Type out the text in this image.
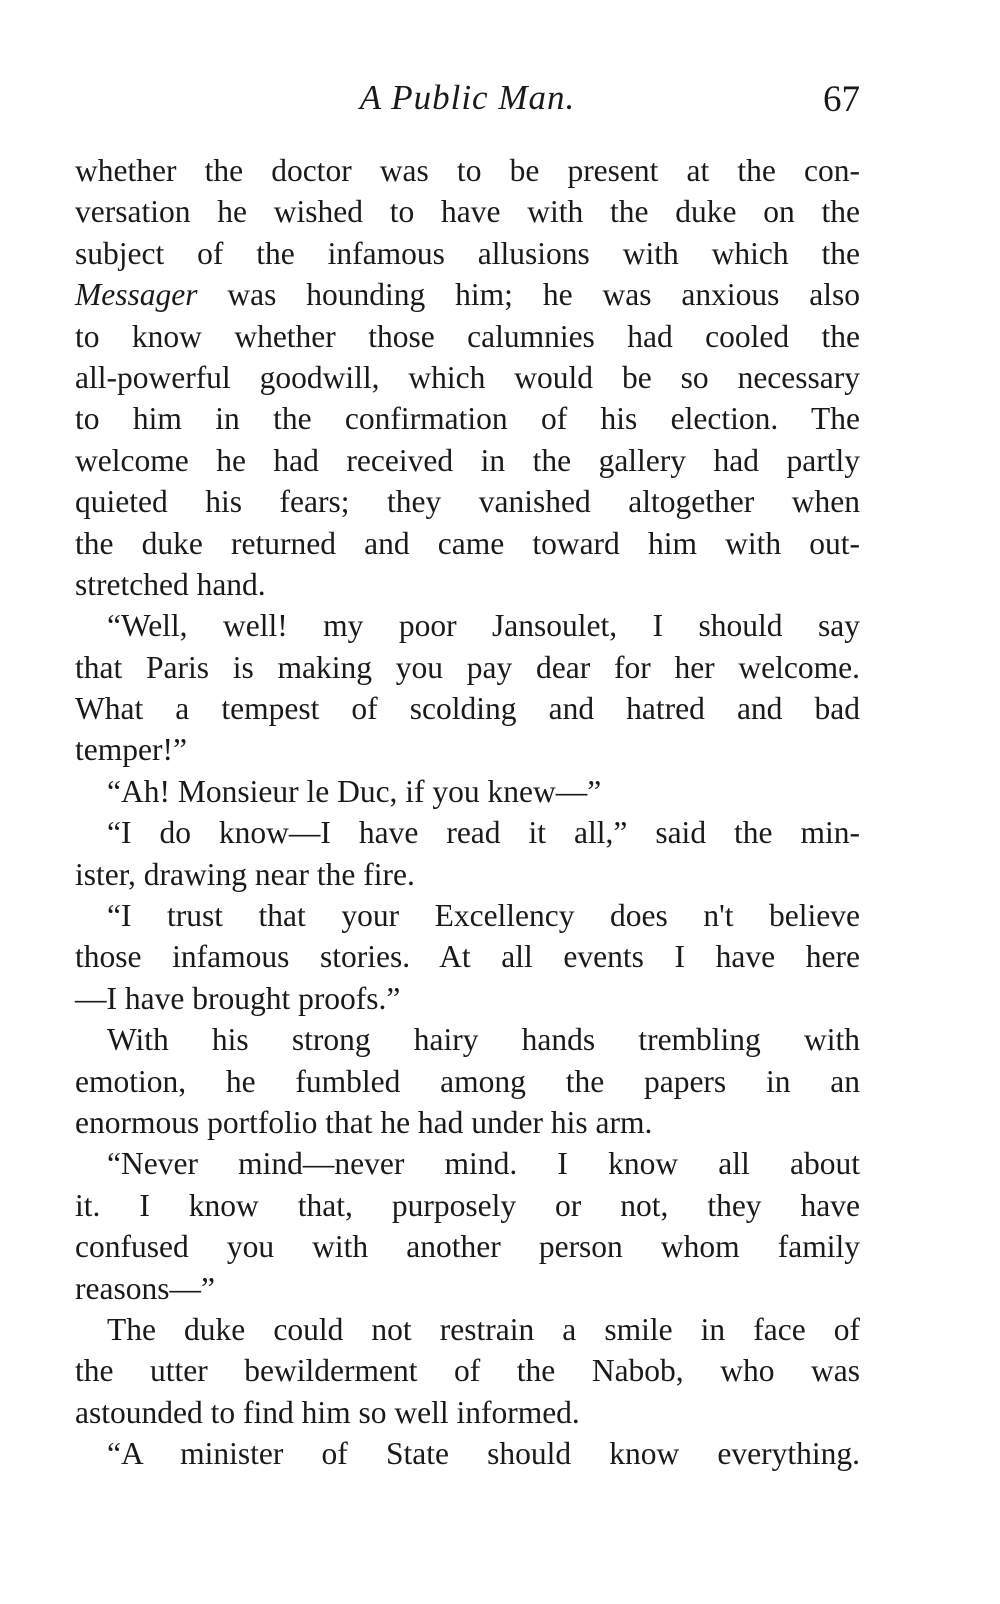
A Public Man.	67
whether the doctor was to be present at the con-
versation he wished to have with the duke on the
subject of the infamous allusions with which the
Messager was hounding him; he was anxious also
to know whether those calumnies had cooled the
all-powerful goodwill, which would be so necessary
to him in the confirmation of his election. The
welcome he had received in the gallery had partly
quieted his fears; they vanished altogether when
the duke returned and came toward him with out-
stretched hand.
“Well, well! my poor Jansoulet, I should say
that Paris is making you pay dear for her welcome.
What a tempest of scolding and hatred and bad
temper!”
“Ah! Monsieur le Duc, if you knew—”
“I do know—I have read it all,” said the min-
ister, drawing near the fire.
“I trust that your Excellency does n't believe
those infamous stories. At all events I have here
—I have brought proofs.”
With his strong hairy hands trembling with
emotion, he fumbled among the papers in an
enormous portfolio that he had under his arm.
“Never mind—never mind. I know all about
it. I know that, purposely or not, they have
confused you with another person whom family
reasons—”
The duke could not restrain a smile in face of
the utter bewilderment of the Nabob, who was
astounded to find him so well informed.
“A minister of State should know everything.
